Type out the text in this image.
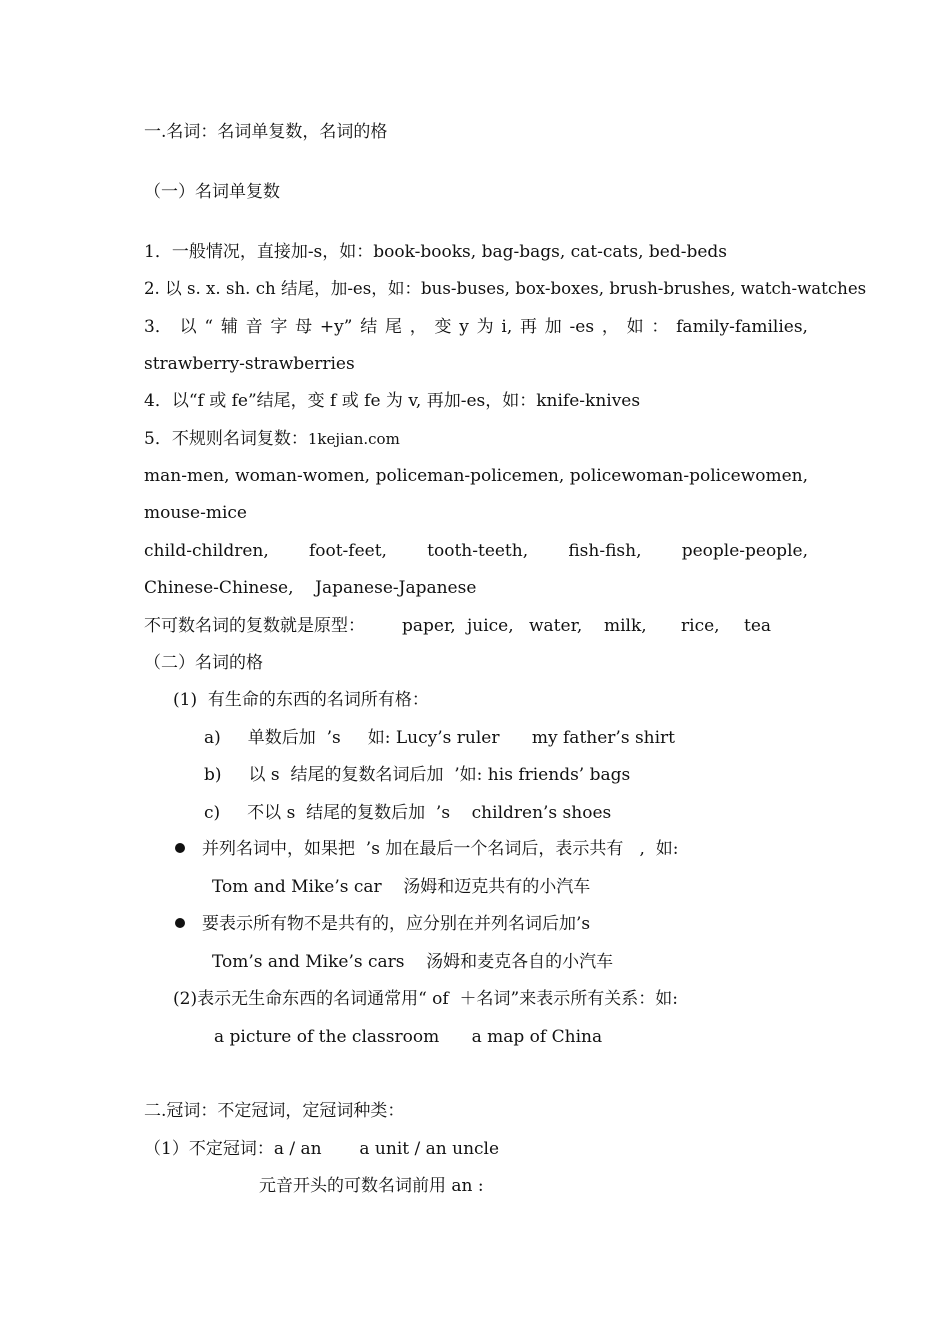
一.名词：名词单复数，名词的格
（一）名词单复数
1．一般情况，直接加-s，如：book-books, bag-bags, cat-cats, bed-beds
2. 以 s. x. sh. ch 结尾，加-es，如：bus-buses, box-boxes, brush-brushes, watch-watches
3． 以 “ 辅 音 字 母 +y” 结 尾 ， 变 y 为 i, 再 加 -es ， 如 ： family-families,
strawberry-strawberries
4．以“f 或 fe”结尾，变 f 或 fe 为 v, 再加-es，如：knife-knives
5．不规则名词复数：1kejian.com
man-men, woman-women, policeman-policemen, policewoman-policewomen,
mouse-mice
child-children, foot-feet, tooth-teeth, fish-fish, people-people,
Chinese-Chinese,    Japanese-Japanese
不可数名词的复数就是原型： paper, juice, water, milk, rice, tea
（二）名词的格
(1)  有生命的东西的名词所有格：
a)     单数后加  ’s     如: Lucy’s ruler      my father’s shirt
b)     以 s  结尾的复数名词后加  ’如: his friends’ bags
c)     不以 s  结尾的复数后加  ’s    children’s shoes
并列名词中，如果把  ’s 加在最后一个名词后，表示共有   ,  如:
Tom and Mike’s car    汤姆和迈克共有的小汽车
要表示所有物不是共有的，应分别在并列名词后加’s
Tom’s and Mike’s cars    汤姆和麦克各自的小汽车
(2)表示无生命东西的名词通常用“ of  ＋名词”来表示所有关系：如:
a picture of the classroom      a map of China
二.冠词：不定冠词，定冠词种类：
（1）不定冠词：a / an       a unit / an uncle
元音开头的可数名词前用 an :
